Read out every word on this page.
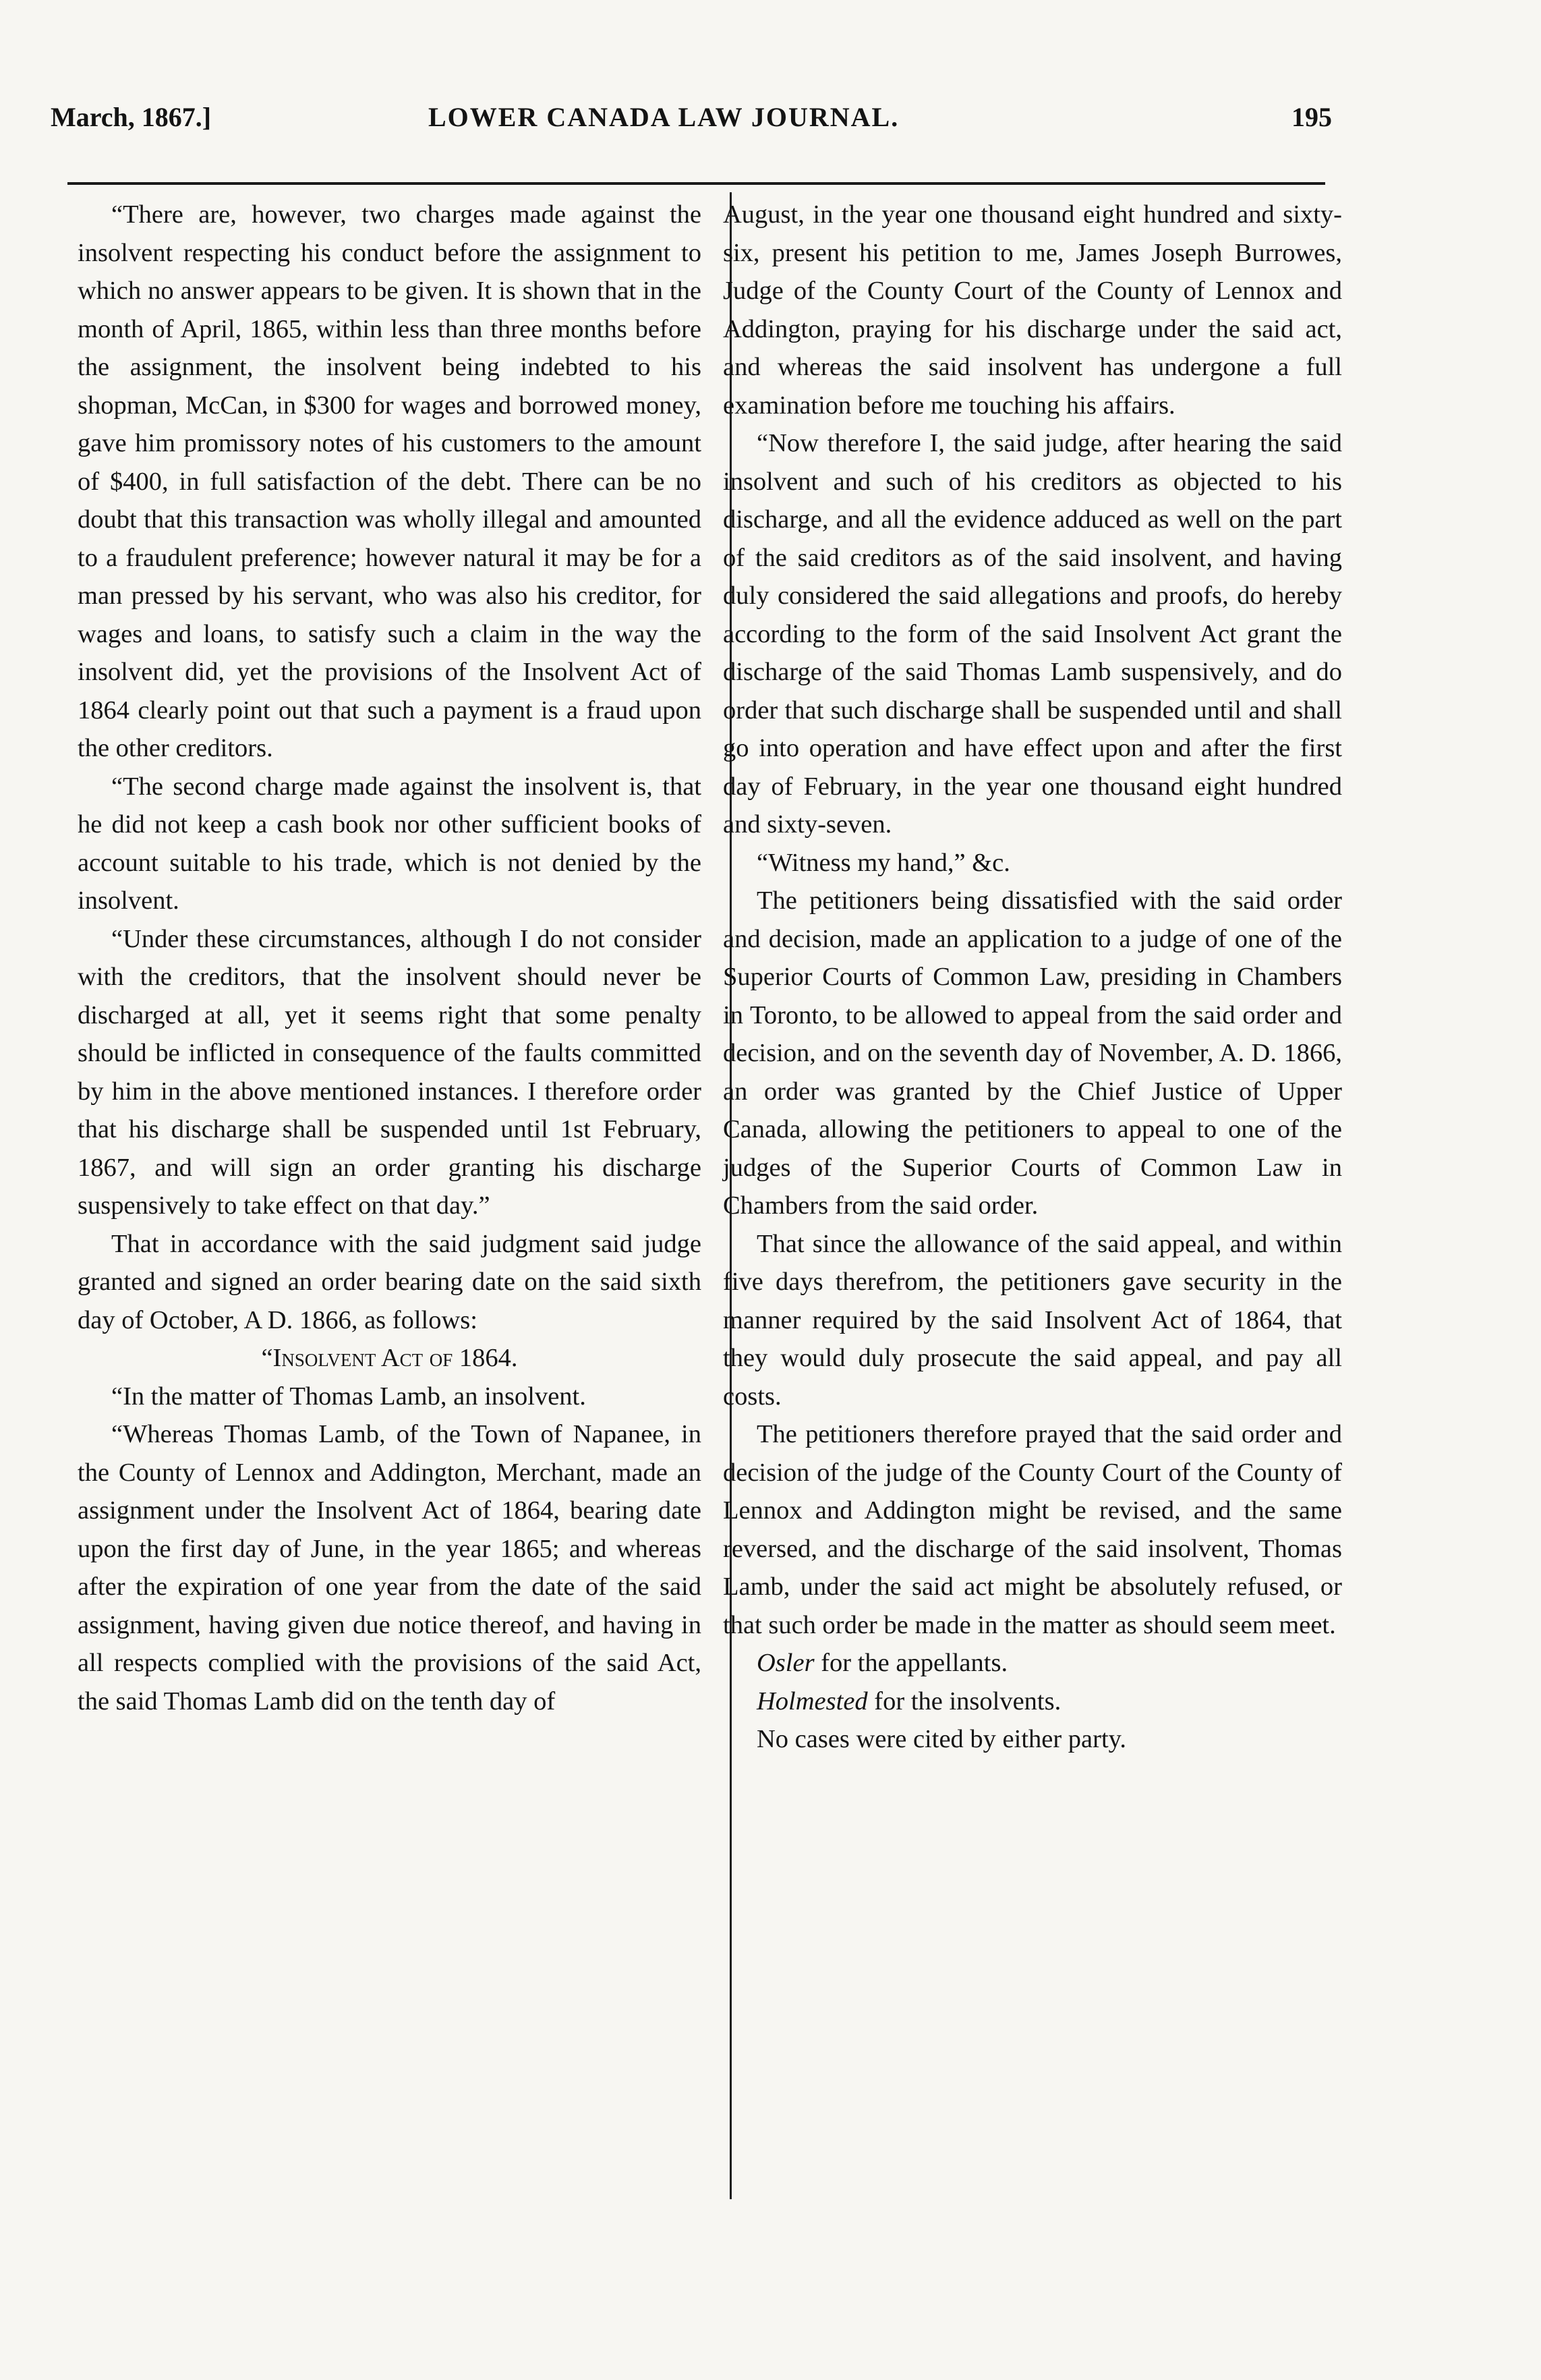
March, 1867.]	LOWER CANADA LAW JOURNAL.	195

“There are, however, two charges made against the insolvent respecting his conduct before the assignment to which no answer appears to be given. It is shown that in the month of April, 1865, within less than three months before the assignment, the insolvent being indebted to his shopman, McCan, in $300 for wages and borrowed money, gave him promissory notes of his customers to the amount of $400, in full satisfaction of the debt. There can be no doubt that this transaction was wholly illegal and amounted to a fraudulent preference; however natural it may be for a man pressed by his servant, who was also his creditor, for wages and loans, to satisfy such a claim in the way the insolvent did, yet the provisions of the Insolvent Act of 1864 clearly point out that such a payment is a fraud upon the other creditors.

“The second charge made against the insolvent is, that he did not keep a cash book nor other sufficient books of account suitable to his trade, which is not denied by the insolvent.

“Under these circumstances, although I do not consider with the creditors, that the insolvent should never be discharged at all, yet it seems right that some penalty should be inflicted in consequence of the faults committed by him in the above mentioned instances. I therefore order that his discharge shall be suspended until 1st February, 1867, and will sign an order granting his discharge suspensively to take effect on that day.”

That in accordance with the said judgment said judge granted and signed an order bearing date on the said sixth day of October, A D. 1866, as follows:

“Insolvent Act of 1864.

“In the matter of Thomas Lamb, an insolvent.

“Whereas Thomas Lamb, of the Town of Napanee, in the County of Lennox and Addington, Merchant, made an assignment under the Insolvent Act of 1864, bearing date upon the first day of June, in the year 1865; and whereas after the expiration of one year from the date of the said assignment, having given due notice thereof, and having in all respects complied with the provisions of the said Act, the said Thomas Lamb did on the tenth day of

August, in the year one thousand eight hundred and sixty-six, present his petition to me, James Joseph Burrowes, Judge of the County Court of the County of Lennox and Addington, praying for his discharge under the said act, and whereas the said insolvent has undergone a full examination before me touching his affairs.

“Now therefore I, the said judge, after hearing the said insolvent and such of his creditors as objected to his discharge, and all the evidence adduced as well on the part of the said creditors as of the said insolvent, and having duly considered the said allegations and proofs, do hereby according to the form of the said Insolvent Act grant the discharge of the said Thomas Lamb suspensively, and do order that such discharge shall be suspended until and shall go into operation and have effect upon and after the first day of February, in the year one thousand eight hundred and sixty-seven.

“Witness my hand,” &c.

The petitioners being dissatisfied with the said order and decision, made an application to a judge of one of the Superior Courts of Common Law, presiding in Chambers in Toronto, to be allowed to appeal from the said order and decision, and on the seventh day of November, A. D. 1866, an order was granted by the Chief Justice of Upper Canada, allowing the petitioners to appeal to one of the judges of the Superior Courts of Common Law in Chambers from the said order.

That since the allowance of the said appeal, and within five days therefrom, the petitioners gave security in the manner required by the said Insolvent Act of 1864, that they would duly prosecute the said appeal, and pay all costs.

The petitioners therefore prayed that the said order and decision of the judge of the County Court of the County of Lennox and Addington might be revised, and the same reversed, and the discharge of the said insolvent, Thomas Lamb, under the said act might be absolutely refused, or that such order be made in the matter as should seem meet.

Osler for the appellants.

Holmested for the insolvents.

No cases were cited by either party.
